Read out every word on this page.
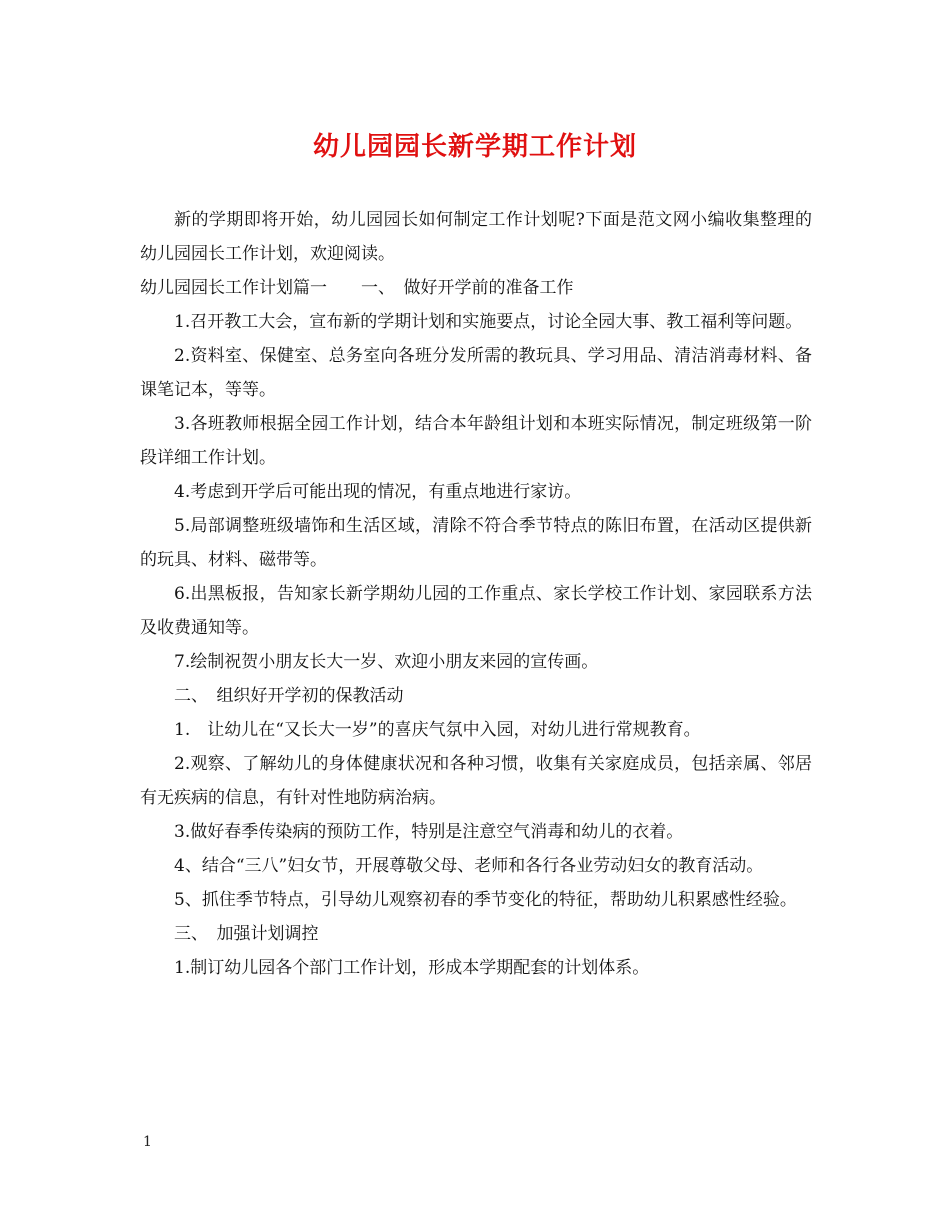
幼儿园园长新学期工作计划

新的学期即将开始，幼儿园园长如何制定工作计划呢?下面是范文网小编收集整理的幼儿园园长工作计划，欢迎阅读。

幼儿园园长工作计划篇一　　一、　做好开学前的准备工作

1.召开教工大会，宣布新的学期计划和实施要点，讨论全园大事、教工福利等问题。

2.资料室、保健室、总务室向各班分发所需的教玩具、学习用品、清洁消毒材料、备课笔记本，等等。

3.各班教师根据全园工作计划，结合本年龄组计划和本班实际情况，制定班级第一阶段详细工作计划。

4.考虑到开学后可能出现的情况，有重点地进行家访。

5.局部调整班级墙饰和生活区域，清除不符合季节特点的陈旧布置，在活动区提供新的玩具、材料、磁带等。

6.出黑板报，告知家长新学期幼儿园的工作重点、家长学校工作计划、家园联系方法及收费通知等。

7.绘制祝贺小朋友长大一岁、欢迎小朋友来园的宣传画。

二、　组织好开学初的保教活动

1.　让幼儿在“又长大一岁”的喜庆气氛中入园，对幼儿进行常规教育。

2.观察、了解幼儿的身体健康状况和各种习惯，收集有关家庭成员，包括亲属、邻居有无疾病的信息，有针对性地防病治病。

3.做好春季传染病的预防工作，特别是注意空气消毒和幼儿的衣着。

4、结合“三八”妇女节，开展尊敬父母、老师和各行各业劳动妇女的教育活动。

5、抓住季节特点，引导幼儿观察初春的季节变化的特征，帮助幼儿积累感性经验。

三、　加强计划调控

1.制订幼儿园各个部门工作计划，形成本学期配套的计划体系。

1
